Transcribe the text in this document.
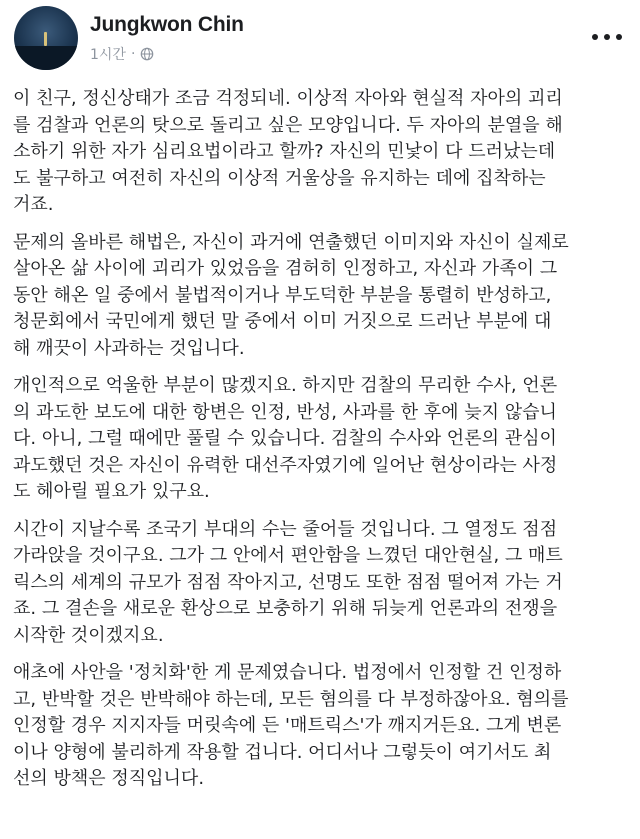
Jungkwon Chin
1시간 ·
이 친구, 정신상태가 조금 걱정되네. 이상적 자아와 현실적 자아의 괴리
를 검찰과 언론의 탓으로 돌리고 싶은 모양입니다. 두 자아의 분열을 해
소하기 위한 자가 심리요법이라고 할까? 자신의 민낯이 다 드러났는데
도 불구하고 여전히 자신의 이상적 거울상을 유지하는 데에 집착하는
거죠.
문제의 올바른 해법은, 자신이 과거에 연출했던 이미지와 자신이 실제로
살아온 삶 사이에 괴리가 있었음을 겸허히 인정하고, 자신과 가족이 그
동안 해온 일 중에서 불법적이거나 부도덕한 부분을 통렬히 반성하고,
청문회에서 국민에게 했던 말 중에서 이미 거짓으로 드러난 부분에 대
해 깨끗이 사과하는 것입니다.
개인적으로 억울한 부분이 많겠지요. 하지만 검찰의 무리한 수사, 언론
의 과도한 보도에 대한 항변은 인정, 반성, 사과를 한 후에 늦지 않습니
다. 아니, 그럴 때에만 풀릴 수 있습니다. 검찰의 수사와 언론의 관심이
과도했던 것은 자신이 유력한 대선주자였기에 일어난 현상이라는 사정
도 헤아릴 필요가 있구요.
시간이 지날수록 조국기 부대의 수는 줄어들 것입니다. 그 열정도 점점
가라앉을 것이구요. 그가 그 안에서 편안함을 느꼈던 대안현실, 그 매트
릭스의 세계의 규모가 점점 작아지고, 선명도 또한 점점 떨어져 가는 거
죠. 그 결손을 새로운 환상으로 보충하기 위해 뒤늦게 언론과의 전쟁을
시작한 것이겠지요.
애초에 사안을 '정치화'한 게 문제였습니다. 법정에서 인정할 건 인정하
고, 반박할 것은 반박해야 하는데, 모든 혐의를 다 부정하잖아요. 혐의를
인정할 경우 지지자들 머릿속에 든 '매트릭스'가 깨지거든요. 그게 변론
이나 양형에 불리하게 작용할 겁니다. 어디서나 그렇듯이 여기서도 최
선의 방책은 정직입니다.
